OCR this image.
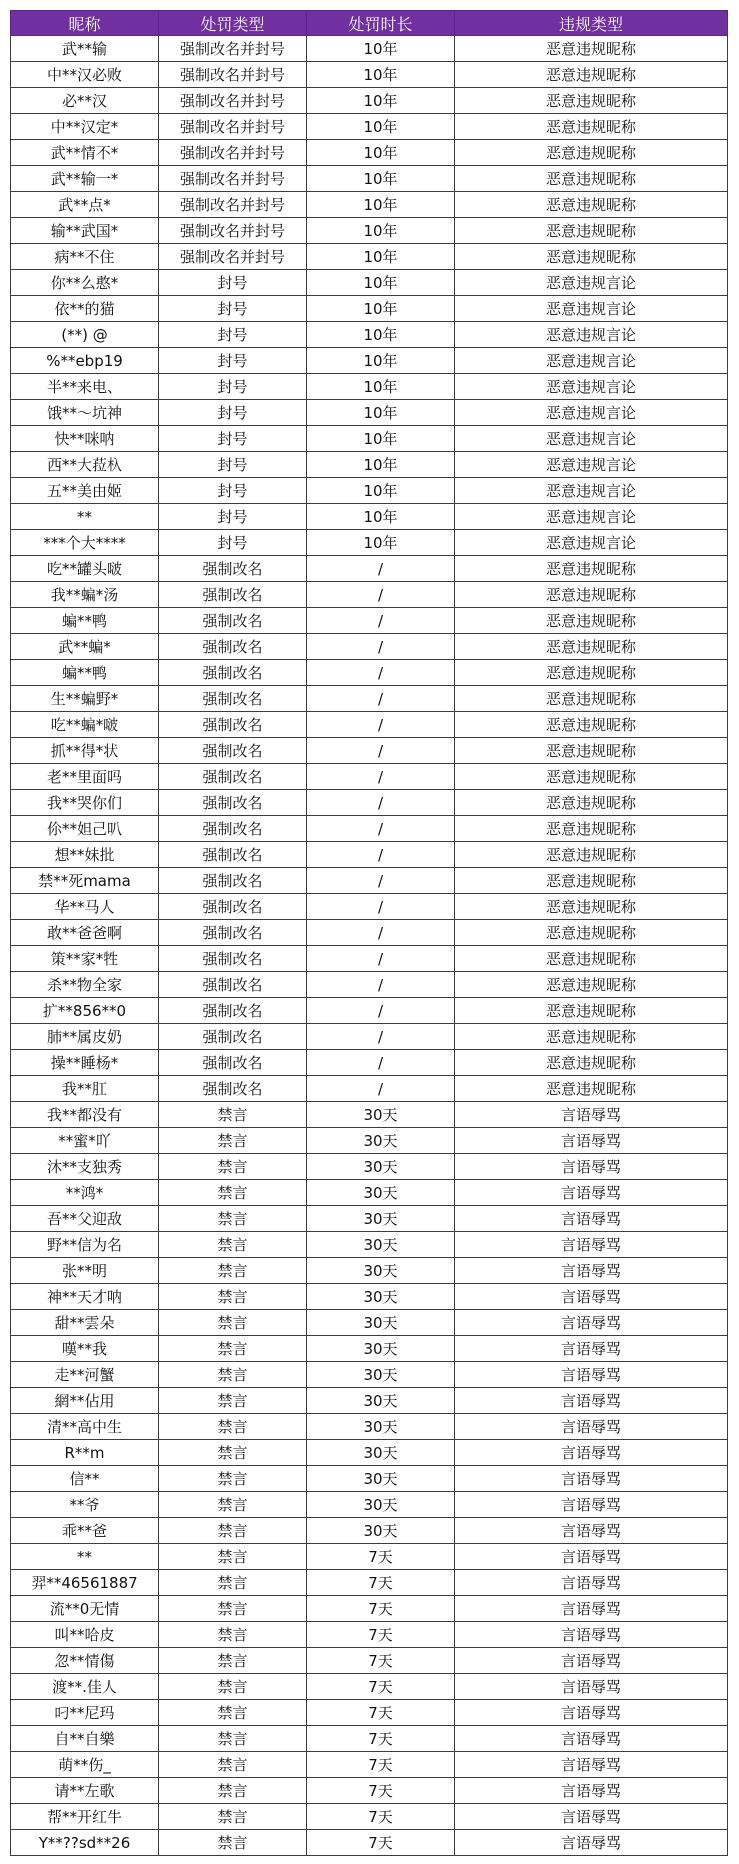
昵称	处罚类型	处罚时长	违规类型
武**输	强制改名并封号	10年	恶意违规昵称
中**汉必败	强制改名并封号	10年	恶意违规昵称
必**汉	强制改名并封号	10年	恶意违规昵称
中**汉定*	强制改名并封号	10年	恶意违规昵称
武**情不*	强制改名并封号	10年	恶意违规昵称
武**输一*	强制改名并封号	10年	恶意违规昵称
武**点*	强制改名并封号	10年	恶意违规昵称
输**武国*	强制改名并封号	10年	恶意违规昵称
病**不住	强制改名并封号	10年	恶意违规昵称
你**么憨*	封号	10年	恶意违规言论
依**的猫	封号	10年	恶意违规言论
(**) @	封号	10年	恶意违规言论
%**ebp19	封号	10年	恶意违规言论
半**来电、	封号	10年	恶意违规言论
饿**～坑神	封号	10年	恶意违规言论
快**咪呐	封号	10年	恶意违规言论
西**大菈杁	封号	10年	恶意违规言论
五**美由姬	封号	10年	恶意违规言论
**	封号	10年	恶意违规言论
***个大****	封号	10年	恶意违规言论
吃**罐头啵	强制改名	/	恶意违规昵称
我**蝙*汤	强制改名	/	恶意违规昵称
蝙**鸭	强制改名	/	恶意违规昵称
武**蝙*	强制改名	/	恶意违规昵称
蝙**鸭	强制改名	/	恶意违规昵称
生**蝙野*	强制改名	/	恶意违规昵称
吃**蝙*啵	强制改名	/	恶意违规昵称
抓**得*状	强制改名	/	恶意违规昵称
老**里面吗	强制改名	/	恶意违规昵称
我**哭你们	强制改名	/	恶意违规昵称
伱**妲己叭	强制改名	/	恶意违规昵称
想**妹批	强制改名	/	恶意违规昵称
禁**死mama	强制改名	/	恶意违规昵称
华**马人	强制改名	/	恶意违规昵称
敢**爸爸啊	强制改名	/	恶意违规昵称
策**家*牲	强制改名	/	恶意违规昵称
杀**物全家	强制改名	/	恶意违规昵称
扩**856**0	强制改名	/	恶意违规昵称
肺**属皮奶	强制改名	/	恶意违规昵称
操**睡杨*	强制改名	/	恶意违规昵称
我**肛	强制改名	/	恶意违规昵称
我**都没有	禁言	30天	言语辱骂
**蜜*吖	禁言	30天	言语辱骂
沐**支独秀	禁言	30天	言语辱骂
**鸿*	禁言	30天	言语辱骂
吾**父迎敌	禁言	30天	言语辱骂
野**信为名	禁言	30天	言语辱骂
张**明	禁言	30天	言语辱骂
神**天才呐	禁言	30天	言语辱骂
甜**雲朵	禁言	30天	言语辱骂
嘆**我	禁言	30天	言语辱骂
走**河蟹	禁言	30天	言语辱骂
網**佔用	禁言	30天	言语辱骂
清**高中生	禁言	30天	言语辱骂
R**m	禁言	30天	言语辱骂
信**	禁言	30天	言语辱骂
**爷	禁言	30天	言语辱骂
乖**爸	禁言	30天	言语辱骂
**	禁言	7天	言语辱骂
羿**46561887	禁言	7天	言语辱骂
流**0无情	禁言	7天	言语辱骂
叫**哈皮	禁言	7天	言语辱骂
忽**情傷	禁言	7天	言语辱骂
渡**.佳人	禁言	7天	言语辱骂
叼**尼玛	禁言	7天	言语辱骂
自**自樂	禁言	7天	言语辱骂
萌**伤_	禁言	7天	言语辱骂
请**左歌	禁言	7天	言语辱骂
帮**开红牛	禁言	7天	言语辱骂
Y**??sd**26	禁言	7天	言语辱骂
